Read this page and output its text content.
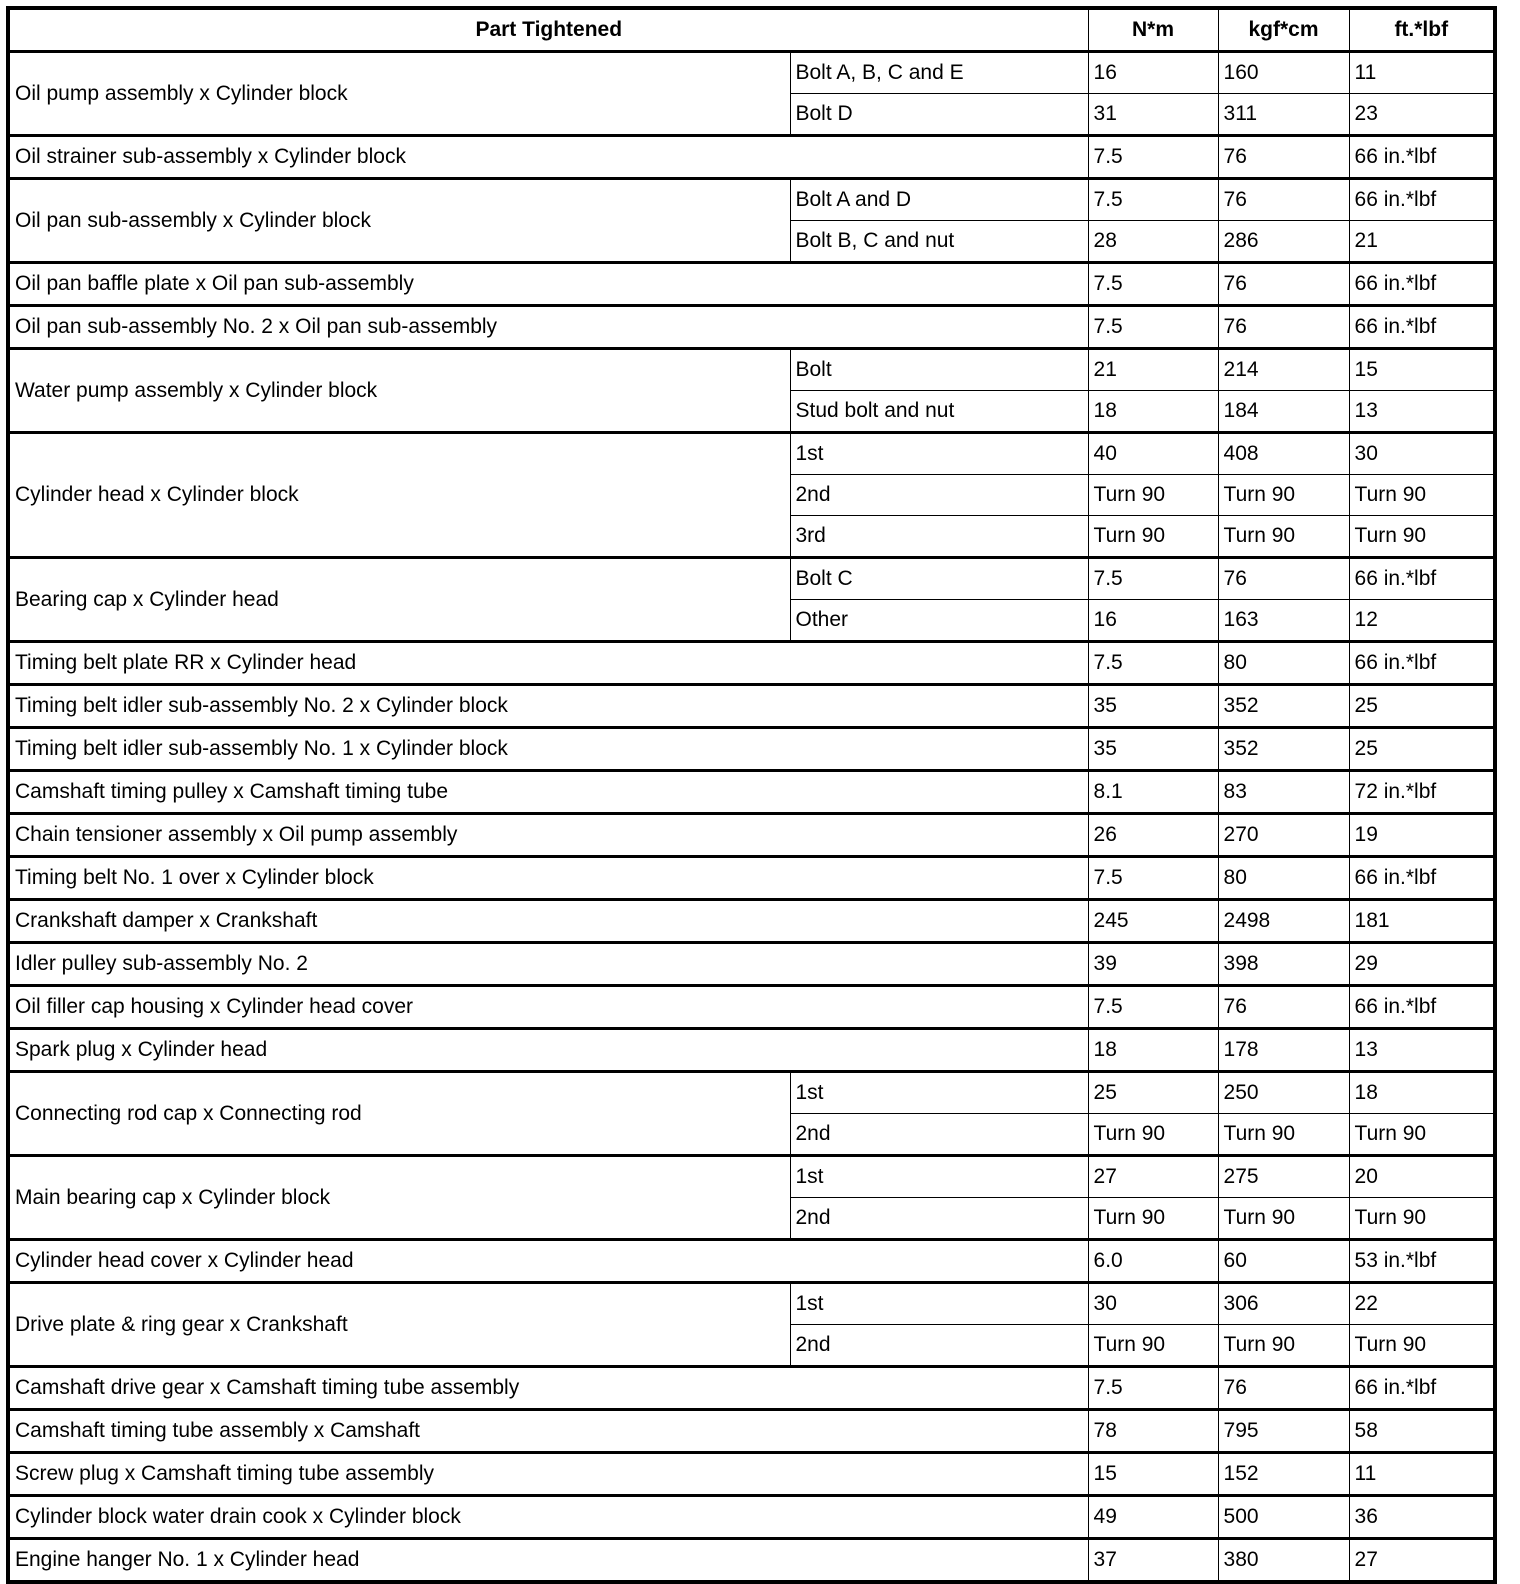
Part Tightened		N*m	kgf*cm	ft.*lbf
Oil pump assembly x Cylinder block	Bolt A, B, C and E	16	160	11
	Bolt D	31	311	23
Oil strainer sub-assembly x Cylinder block		7.5	76	66 in.*lbf
Oil pan sub-assembly x Cylinder block	Bolt A and D	7.5	76	66 in.*lbf
	Bolt B, C and nut	28	286	21
Oil pan baffle plate x Oil pan sub-assembly		7.5	76	66 in.*lbf
Oil pan sub-assembly No. 2 x Oil pan sub-assembly		7.5	76	66 in.*lbf
Water pump assembly x Cylinder block	Bolt	21	214	15
	Stud bolt and nut	18	184	13
Cylinder head x Cylinder block	1st	40	408	30
	2nd	Turn 90	Turn 90	Turn 90
	3rd	Turn 90	Turn 90	Turn 90
Bearing cap x Cylinder head	Bolt C	7.5	76	66 in.*lbf
	Other	16	163	12
Timing belt plate RR x Cylinder head		7.5	80	66 in.*lbf
Timing belt idler sub-assembly No. 2 x Cylinder block		35	352	25
Timing belt idler sub-assembly No. 1 x Cylinder block		35	352	25
Camshaft timing pulley x Camshaft timing tube		8.1	83	72 in.*lbf
Chain tensioner assembly x Oil pump assembly		26	270	19
Timing belt No. 1 over x Cylinder block		7.5	80	66 in.*lbf
Crankshaft damper x Crankshaft		245	2498	181
Idler pulley sub-assembly No. 2		39	398	29
Oil filler cap housing x Cylinder head cover		7.5	76	66 in.*lbf
Spark plug x Cylinder head		18	178	13
Connecting rod cap x Connecting rod	1st	25	250	18
	2nd	Turn 90	Turn 90	Turn 90
Main bearing cap x Cylinder block	1st	27	275	20
	2nd	Turn 90	Turn 90	Turn 90
Cylinder head cover x Cylinder head		6.0	60	53 in.*lbf
Drive plate & ring gear x Crankshaft	1st	30	306	22
	2nd	Turn 90	Turn 90	Turn 90
Camshaft drive gear x Camshaft timing tube assembly		7.5	76	66 in.*lbf
Camshaft timing tube assembly x Camshaft		78	795	58
Screw plug x Camshaft timing tube assembly		15	152	11
Cylinder block water drain cook x Cylinder block		49	500	36
Engine hanger No. 1 x Cylinder head		37	380	27
